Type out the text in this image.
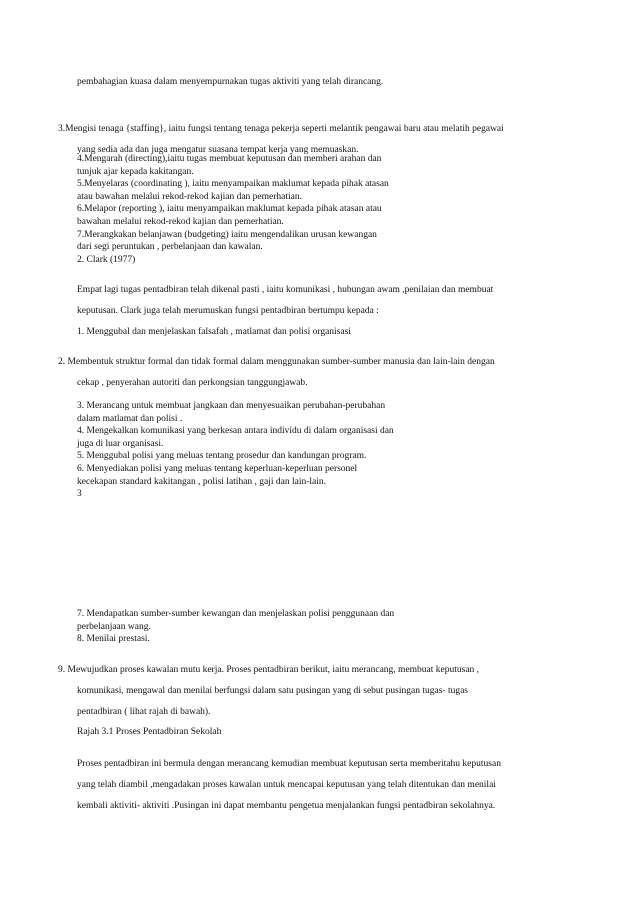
pembahagian kuasa dalam menyempurnakan tugas aktiviti yang telah dirancang.

3.Mengisi tenaga {staffing}, iaitu fungsi tentang tenaga pekerja seperti melantik pengawai baru atau melatih pegawai
yang sedia ada dan juga mengatur suasana tempat kerja yang memuaskan.
4.Mengarah (directing),iaitu tugas membuat keputusan dan memberi arahan dan
tunjuk ajar kepada kakitangan.
5.Menyelaras (coordinating ), iaitu menyampaikan maklumat kepada pihak atasan
atau bawahan melalui rekod-rekod kajian dan pemerhatian.
6.Melapor (reporting ), iaitu menyampaikan maklumat kepada pihak atasan atau
bawahan melalui rekod-rekod kajian dan pemerhatian.
7.Merangkakan belanjawan (budgeting) iaitu mengendalikan urusan kewangan
dari segi peruntukan , perbelanjaan dan kawalan.
2. Clark (1977)
Empat lagi tugas pentadbiran telah dikenal pasti , iaitu komunikasi , hubungan awam ,penilaian dan membuat
keputusan. Clark juga telah merumuskan fungsi pentadbiran bertumpu kepada :

1. Menggubal dan menjelaskan falsafah , matlamat dan polisi organisasi

2. Membentuk struktur formal dan tidak formal dalam menggunakan sumber-sumber manusia dan lain-lain dengan
cekap , penyerahan autoriti dan perkongsian tanggungjawab.
3. Merancang untuk membuat jangkaan dan menyesuaikan perubahan-perubahan
dalam matlamat dan polisi .
4. Mengekalkan komunikasi yang berkesan antara individu di dalam organisasi dan
juga di luar organisasi.
5. Menggubal polisi yang meluas tentang prosedur dan kandungan program.
6. Menyediakan polisi yang meluas tentang keperluan-keperluan personel
kecekapan standard kakitangan , polisi latihan , gaji dan lain-lain.
3
7. Mendapatkan sumber-sumber kewangan dan menjelaskan polisi penggunaan dan
perbelanjaan wang.
8. Menilai prestasi.
9. Mewujudkan proses kawalan mutu kerja. Proses pentadbiran berikut, iaitu merancang, membuat keputusan ,
komunikasi, mengawal dan menilai berfungsi dalam satu pusingan yang di sebut pusingan tugas- tugas
pentadbiran ( lihat rajah di bawah).

Rajah 3.1 Proses Pentadbiran Sekolah

Proses pentadbiran ini bermula dengan merancang kemudian membuat keputusan serta memberitahu keputusan
yang telah diambil ,mengadakan proses kawalan untuk mencapai keputusan yang telah ditentukan dan menilai
kembali aktiviti- aktiviti .Pusingan ini dapat membantu pengetua menjalankan fungsi pentadbiran sekolahnya.
